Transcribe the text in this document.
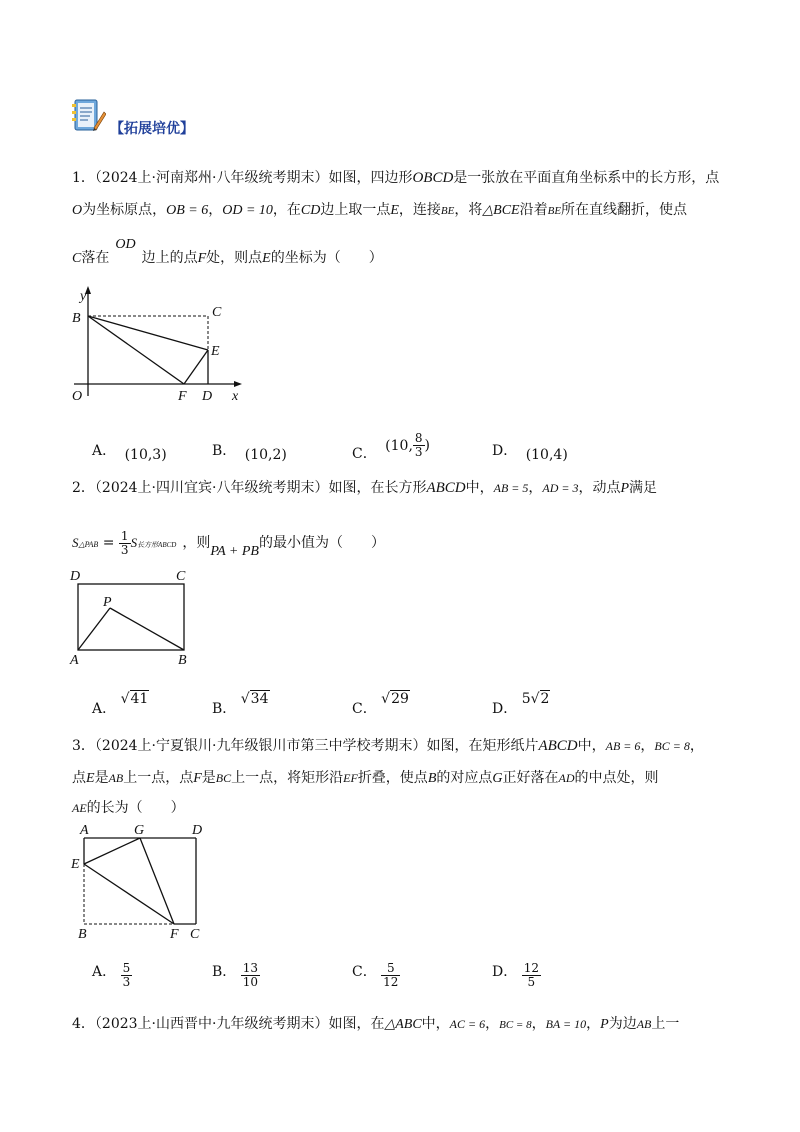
【拓展培优】
1．（2024上·河南郑州·八年级统考期末）如图，四边形OBCD是一张放在平面直角坐标系中的长方形，点
O为坐标原点，OB = 6，OD = 10，在CD边上取一点E，连接BE，将△BCE沿着BE所在直线翻折，使点
C落在OD边上的点F处，则点E的坐标为（　　）
y
B	C
E
O	F D x
A． (10,3)	B． (10,2)	C． (10, $\frac{8}{3}$ )	D． (10,4)
2．（2024上·四川宜宾·八年级统考期末）如图，在长方形ABCD中，AB = 5，AD = 3，动点P满足
S△PAB = $\frac{1}{3}$ S长方形ABCD ，则PA + PB的最小值为（　　）
D	C
P
A	B
A． √41
B． √34
C． √29
D． 5√2
3．（2024上·宁夏银川·九年级银川市第三中学校考期末）如图，在矩形纸片ABCD中，AB = 6，BC = 8，
点E是AB上一点，点F是BC上一点，将矩形沿EF折叠，使点B的对应点G正好落在AD的中点处，则
AE的长为（　　）
A	G	D
E
B	F C
A． $\frac{5}{3}$	B． $\frac{13}{10}$	C． $\frac{5}{12}$	D． $\frac{12}{5}$
4．（2023上·山西晋中·九年级统考期末）如图，在△ABC中，AC = 6，BC = 8，BA = 10，P为边AB上一
